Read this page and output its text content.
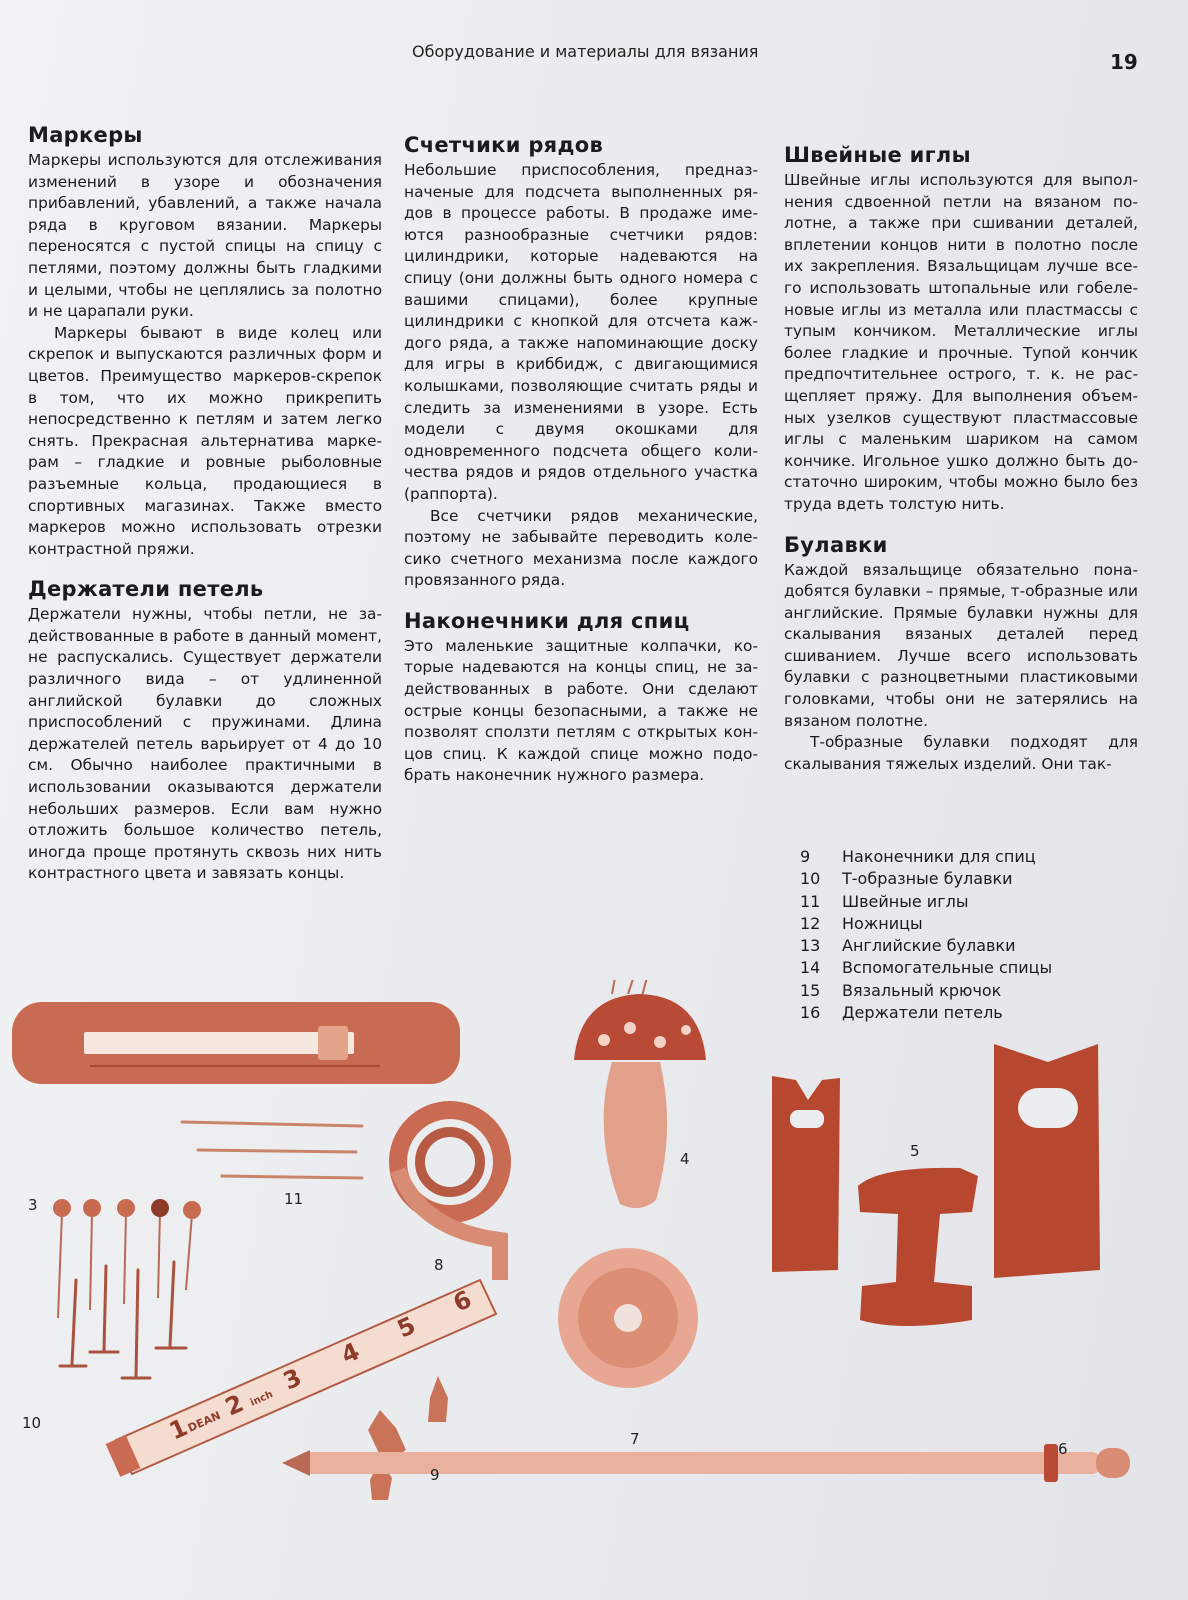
Оборудование и материалы для вязания	19
Маркеры

Маркеры используются для отслеживания изменений в узоре и обозначения прибавлений, убавлений, а также начала ряда в круговом вязании. Маркеры переносятся с пустой спицы на спицу с петлями, поэтому должны быть гладкими и целыми, чтобы не цеплялись за полотно и не царапали руки.

Маркеры бывают в виде колец или скрепок и выпускаются различных форм и цветов. Преимущество маркеров-скрепок в том, что их можно прикрепить непосредственно к петлям и затем легко снять. Прекрасная альтернатива маркерам – гладкие и ровные рыболовные разъемные кольца, продающиеся в спортивных магазинах. Также вместо маркеров можно использовать отрезки контрастной пряжи.

Держатели петель

Держатели нужны, чтобы петли, не задействованные в работе в данный момент, не распускались. Существует держатели различного вида – от удлиненной английской булавки до сложных приспособлений с пружинами. Длина держателей петель варьирует от 4 до 10 см. Обычно наиболее практичными в использовании оказываются держатели небольших размеров. Если вам нужно отложить большое количество петель, иногда проще протянуть сквозь них нить контрастного цвета и завязать концы.

Счетчики рядов

Небольшие приспособления, предназначеные для подсчета выполненных рядов в процессе работы. В продаже имеются разнообразные счетчики рядов: цилиндрики, которые надеваются на спицу (они должны быть одного номера с вашими спицами), более крупные цилиндрики с кнопкой для отсчета каждого ряда, а также напоминающие доску для игры в криббидж, с двигающимися колышками, позволяющие считать ряды и следить за изменениями в узоре. Есть модели с двумя окошками для одновременного подсчета общего количества рядов и рядов отдельного участка (раппорта).

Все счетчики рядов механические, поэтому не забывайте переводить колесико счетного механизма после каждого провязанного ряда.

Наконечники для спиц

Это маленькие защитные колпачки, которые надеваются на концы спиц, не задействованных в работе. Они сделают острые концы безопасными, а также не позволят сползти петлям с открытых концов спиц. К каждой спице можно подобрать наконечник нужного размера.

Швейные иглы

Швейные иглы используются для выполнения сдвоенной петли на вязаном полотне, а также при сшивании деталей, вплетении концов нити в полотно после их закрепления. Вязальщицам лучше всего использовать штопальные или гобеленовые иглы из металла или пластмассы с тупым кончиком. Металлические иглы более гладкие и прочные. Тупой кончик предпочтительнее острого, т. к. не расщепляет пряжу. Для выполнения объемных узелков существуют пластмассовые иглы с маленьким шариком на самом кончике. Игольное ушко должно быть достаточно широким, чтобы можно было без труда вдеть толстую нить.

Булавки

Каждой вязальщице обязательно понадобятся булавки – прямые, т-образные или английские. Прямые булавки нужны для скалывания вязаных деталей перед сшиванием. Лучше всего использовать булавки с разноцветными пластиковыми головками, чтобы они не затерялись на вязаном полотне.

Т-образные булавки подходят для скалывания тяжелых изделий. Они так-

9	Наконечники для спиц
10	Т-образные булавки
11	Швейные иглы
12	Ножницы
13	Английские булавки
14	Вспомогательные спицы
15	Вязальный крючок
16	Держатели петель
1
DEAN
2 inch
3
4
5
6
3	11
4	5
8
10
7
9
6
